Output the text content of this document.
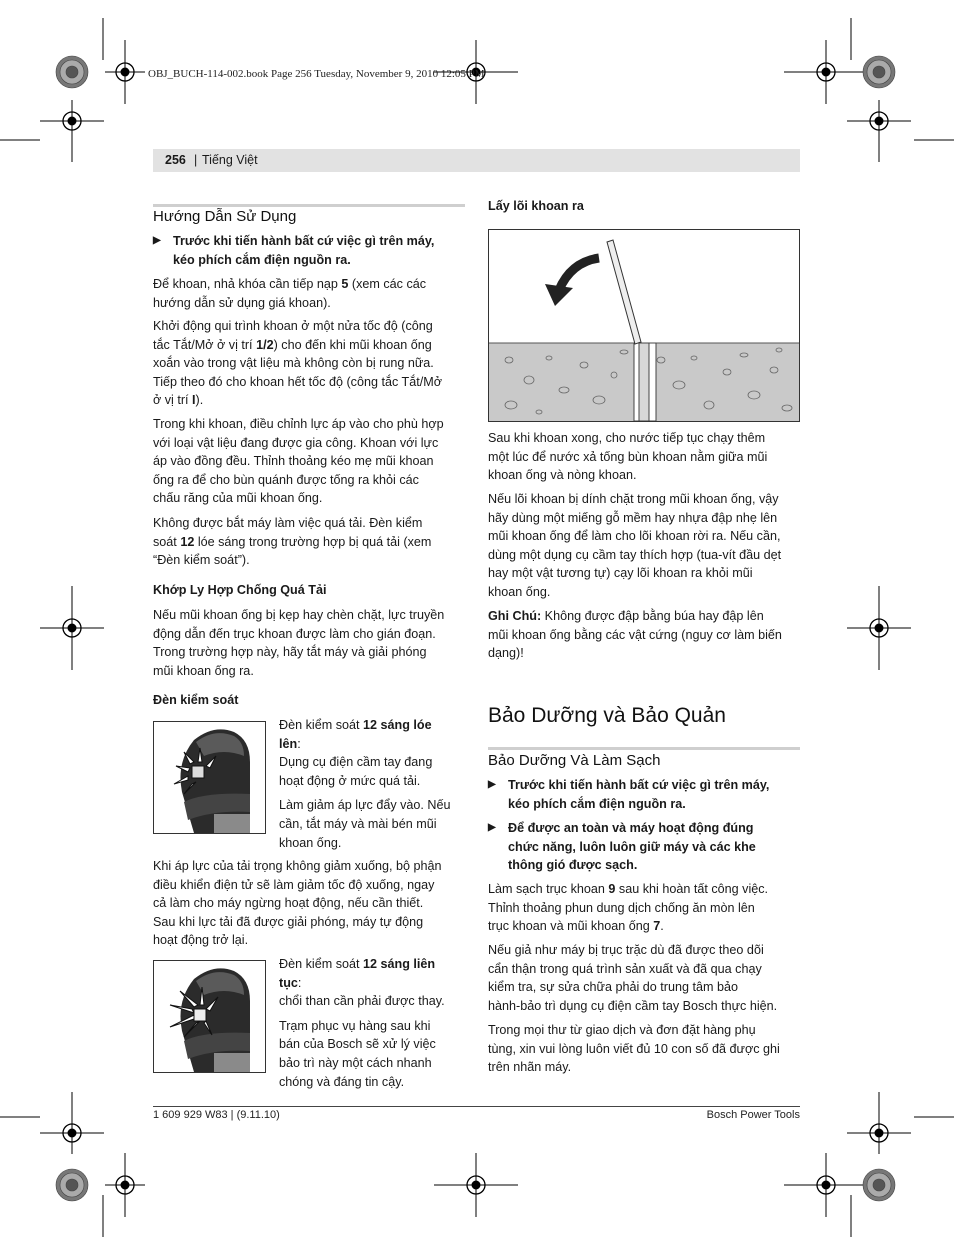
OBJ_BUCH-114-002.book Page 256 Tuesday, November 9, 2010 12:05 PM
256 | Tiếng Việt
Hướng Dẫn Sử Dụng
▶ Trước khi tiến hành bất cứ việc gì trên máy,
kéo phích cắm điện nguồn ra.
Để khoan, nhả khóa cần tiếp nạp 5 (xem các các
hướng dẫn sử dụng giá khoan).
Khởi động qui trình khoan ở một nửa tốc độ (công
tắc Tắt/Mở ở vị trí 1/2) cho đến khi mũi khoan ống
xoắn vào trong vật liệu mà không còn bị rung nữa.
Tiếp theo đó cho khoan hết tốc độ (công tắc Tắt/Mở
ở vị trí I).
Trong khi khoan, điều chỉnh lực áp vào cho phù hợp
với loại vật liệu đang được gia công. Khoan với lực
áp vào đồng đều. Thỉnh thoảng kéo mẹ mũi khoan
ống ra để cho bùn quánh được tống ra khỏi các
chấu răng của mũi khoan ống.
Không được bắt máy làm việc quá tải. Đèn kiểm
soát 12 lóe sáng trong trường hợp bị quá tải (xem
“Đèn kiểm soát”).
Khớp Ly Hợp Chống Quá Tải
Nếu mũi khoan ống bị kẹp hay chèn chặt, lực truyền
động dẫn đến trục khoan được làm cho gián đoạn.
Trong trường hợp này, hãy tắt máy và giải phóng
mũi khoan ống ra.
Đèn kiểm soát
Đèn kiểm soát 12 sáng lóe
lên:
Dụng cụ điện cầm tay đang
hoạt động ở mức quá tải.
Làm giảm áp lực đẩy vào. Nếu
cần, tắt máy và mài bén mũi
khoan ống.
Khi áp lực của tải trọng không giảm xuống, bộ phận
điều khiển điện tử sẽ làm giảm tốc độ xuống, ngay
cả làm cho máy ngừng hoạt động, nếu cần thiết.
Sau khi lực tải đã được giải phóng, máy tự động
hoạt động trở lại.
Đèn kiểm soát 12 sáng liên
tục:
chổi than cần phải được thay.
Trạm phục vụ hàng sau khi
bán của Bosch sẽ xử lý việc
bảo trì này một cách nhanh
chóng và đáng tin cậy.
Lấy lõi khoan ra
Sau khi khoan xong, cho nước tiếp tục chạy thêm
một lúc để nước xả tống bùn khoan nằm giữa mũi
khoan ống và nòng khoan.
Nếu lõi khoan bị dính chặt trong mũi khoan ống, vậy
hãy dùng một miếng gỗ mềm hay nhựa đập nhẹ lên
mũi khoan ống để làm cho lõi khoan rời ra. Nếu cần,
dùng một dụng cụ cầm tay thích hợp (tua-vít đầu dẹt
hay một vật tương tự) cạy lõi khoan ra khỏi mũi
khoan ống.
Ghi Chú: Không được đập bằng búa hay đập lên
mũi khoan ống bằng các vật cứng (nguy cơ làm biến
dạng)!
Bảo Dưỡng và Bảo Quản
Bảo Dưỡng Và Làm Sạch
▶ Trước khi tiến hành bất cứ việc gì trên máy,
kéo phích cắm điện nguồn ra.
▶ Để được an toàn và máy hoạt động đúng
chức năng, luôn luôn giữ máy và các khe
thông gió được sạch.
Làm sạch trục khoan 9 sau khi hoàn tất công việc.
Thỉnh thoảng phun dung dịch chống ăn mòn lên
trục khoan và mũi khoan ống 7.
Nếu giả như máy bị trục trặc dù đã được theo dõi
cẩn thận trong quá trình sản xuất và đã qua chạy
kiểm tra, sự sửa chữa phải do trung tâm bảo
hành-bảo trì dụng cụ điện cầm tay Bosch thực hiện.
Trong mọi thư từ giao dịch và đơn đặt hàng phụ
tùng, xin vui lòng luôn viết đủ 10 con số đã được ghi
trên nhãn máy.
1 609 929 W83 | (9.11.10)	Bosch Power Tools
